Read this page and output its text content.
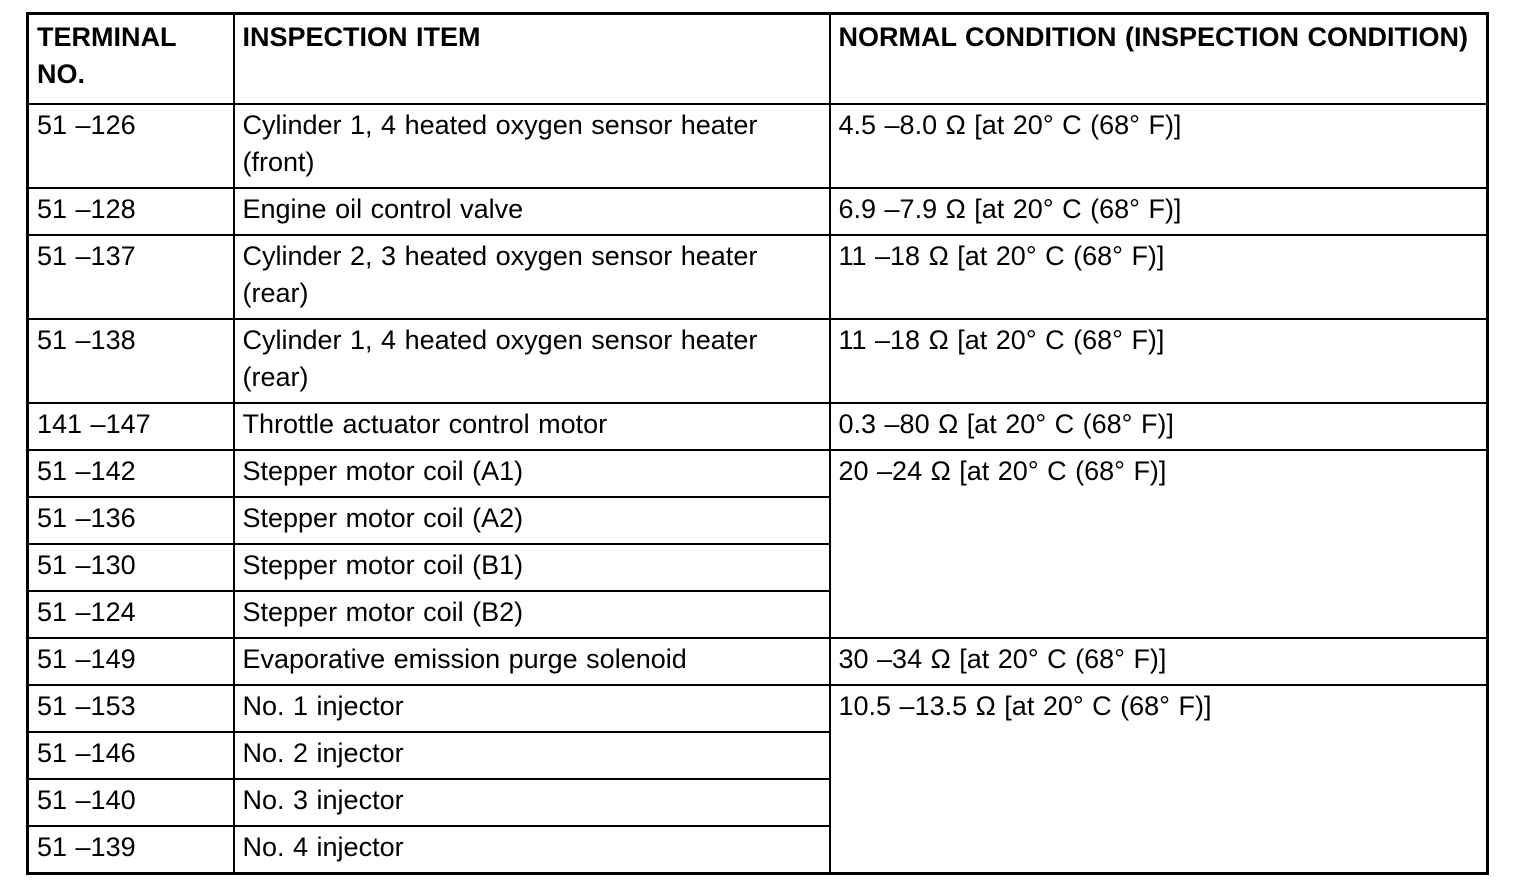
TERMINAL NO.	INSPECTION ITEM	NORMAL CONDITION (INSPECTION CONDITION)
51 –126	Cylinder 1, 4 heated oxygen sensor heater (front)	4.5 –8.0 Ω [at 20° C (68° F)]
51 –128	Engine oil control valve	6.9 –7.9 Ω [at 20° C (68° F)]
51 –137	Cylinder 2, 3 heated oxygen sensor heater (rear)	11 –18 Ω [at 20° C (68° F)]
51 –138	Cylinder 1, 4 heated oxygen sensor heater (rear)	11 –18 Ω [at 20° C (68° F)]
141 –147	Throttle actuator control motor	0.3 –80 Ω [at 20° C (68° F)]
51 –142	Stepper motor coil (A1)	20 –24 Ω [at 20° C (68° F)]
51 –136	Stepper motor coil (A2)	
51 –130	Stepper motor coil (B1)	
51 –124	Stepper motor coil (B2)	
51 –149	Evaporative emission purge solenoid	30 –34 Ω [at 20° C (68° F)]
51 –153	No. 1 injector	10.5 –13.5 Ω [at 20° C (68° F)]
51 –146	No. 2 injector	
51 –140	No. 3 injector	
51 –139	No. 4 injector	
